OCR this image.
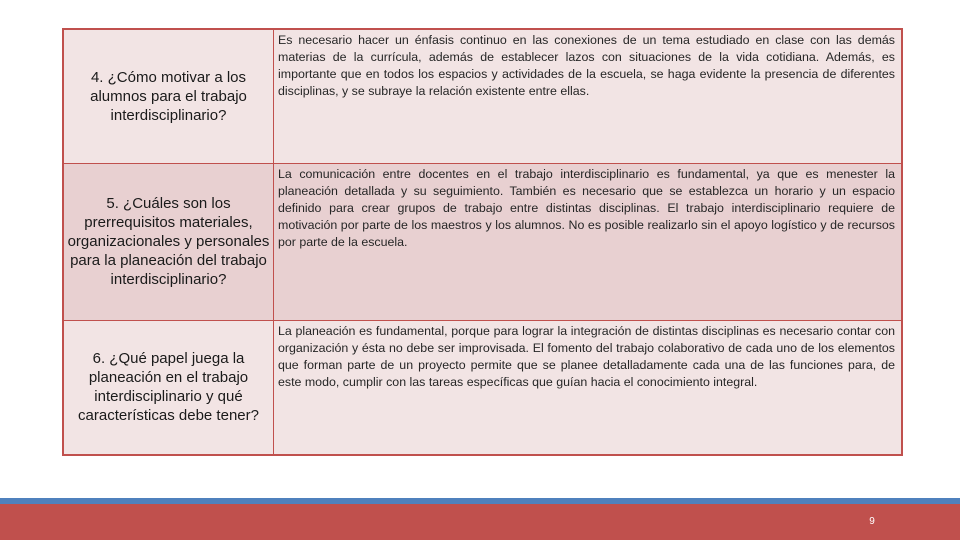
4. ¿Cómo motivar a los alumnos para el trabajo interdisciplinario?	Es necesario hacer un énfasis continuo en las conexiones de un tema estudiado en clase con las demás materias de la currícula, además de establecer lazos con situaciones de la vida cotidiana. Además, es importante que en todos los espacios y actividades de la escuela, se haga evidente la presencia de diferentes disciplinas, y se subraye la relación existente entre ellas.
5. ¿Cuáles son los prerrequisitos materiales, organizacionales y personales para la planeación del trabajo interdisciplinario?	La comunicación entre docentes en el trabajo interdisciplinario es fundamental, ya que es menester la planeación detallada y su seguimiento. También es necesario que se establezca un horario y un espacio definido para crear grupos de trabajo entre distintas disciplinas. El trabajo interdisciplinario requiere de motivación por parte de los maestros y los alumnos. No es posible realizarlo sin el apoyo logístico y de recursos por parte de la escuela.
6. ¿Qué papel juega la planeación en el trabajo interdisciplinario y qué características debe tener?	La planeación es fundamental, porque para lograr la integración de distintas disciplinas es necesario contar con organización y ésta no debe ser improvisada. El fomento del trabajo colaborativo de cada uno de los elementos que forman parte de un proyecto permite que se planee detalladamente cada una de las funciones para, de este modo, cumplir con las tareas específicas que guían hacia el conocimiento integral.
9
